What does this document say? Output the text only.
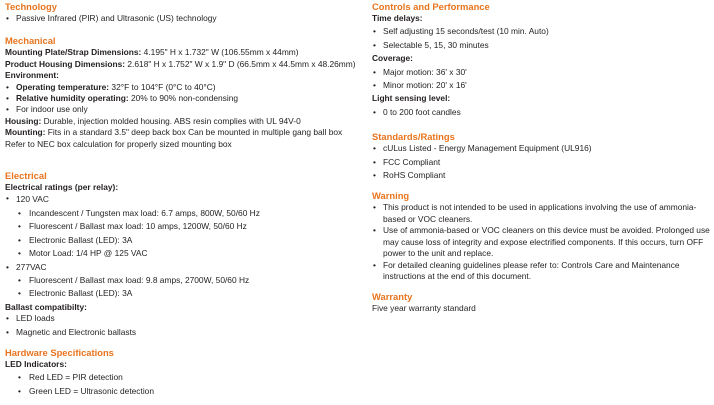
Technology

• Passive Infrared (PIR) and Ultrasonic (US) technology

Mechanical

Mounting Plate/Strap Dimensions: 4.195" H x 1.732" W (106.55mm x 44mm)

Product Housing Dimensions: 2.618" H x 1.752" W x 1.9" D (66.5mm x 44.5mm x 48.26mm)

Environment:

• Operating temperature: 32°F to 104°F (0°C to 40°C)

• Relative humidity operating: 20% to 90% non-condensing

• For indoor use only

Housing: Durable, injection molded housing. ABS resin complies with UL 94V-0

Mounting: Fits in a standard 3.5" deep back box Can be mounted in multiple gang ball box Refer to NEC box calculation for properly sized mounting box

Electrical

Electrical ratings (per relay):

• 120 VAC

• Incandescent / Tungsten max load: 6.7 amps, 800W, 50/60 Hz

• Fluorescent / Ballast max load: 10 amps, 1200W, 50/60 Hz

• Electronic Ballast (LED): 3A

• Motor Load: 1/4 HP @ 125 VAC

• 277VAC

• Fluorescent / Ballast max load: 9.8 amps, 2700W, 50/60 Hz

• Electronic Ballast (LED): 3A

Ballast compatibilty:

• LED loads

• Magnetic and Electronic ballasts

Hardware Specifications

LED Indicators:

• Red LED = PIR detection

• Green LED = Ultrasonic detection

Controls and Performance

Time delays:

• Self adjusting 15 seconds/test (10 min. Auto)

• Selectable 5, 15, 30 minutes

Coverage:

• Major motion: 36' x 30'

• Minor motion: 20' x 16'

Light sensing level:

• 0 to 200 foot candles

Standards/Ratings

• cULus Listed - Energy Management Equipment (UL916)

• FCC Compliant

• RoHS Compliant

Warning

• This product is not intended to be used in applications involving the use of ammonia-based or VOC cleaners.

• Use of ammonia-based or VOC cleaners on this device must be avoided. Prolonged use may cause loss of integrity and expose electrified components. If this occurs, turn OFF power to the unit and replace.

• For detailed cleaning guidelines please refer to: Controls Care and Maintenance instructions at the end of this document.

Warranty

Five year warranty standard
